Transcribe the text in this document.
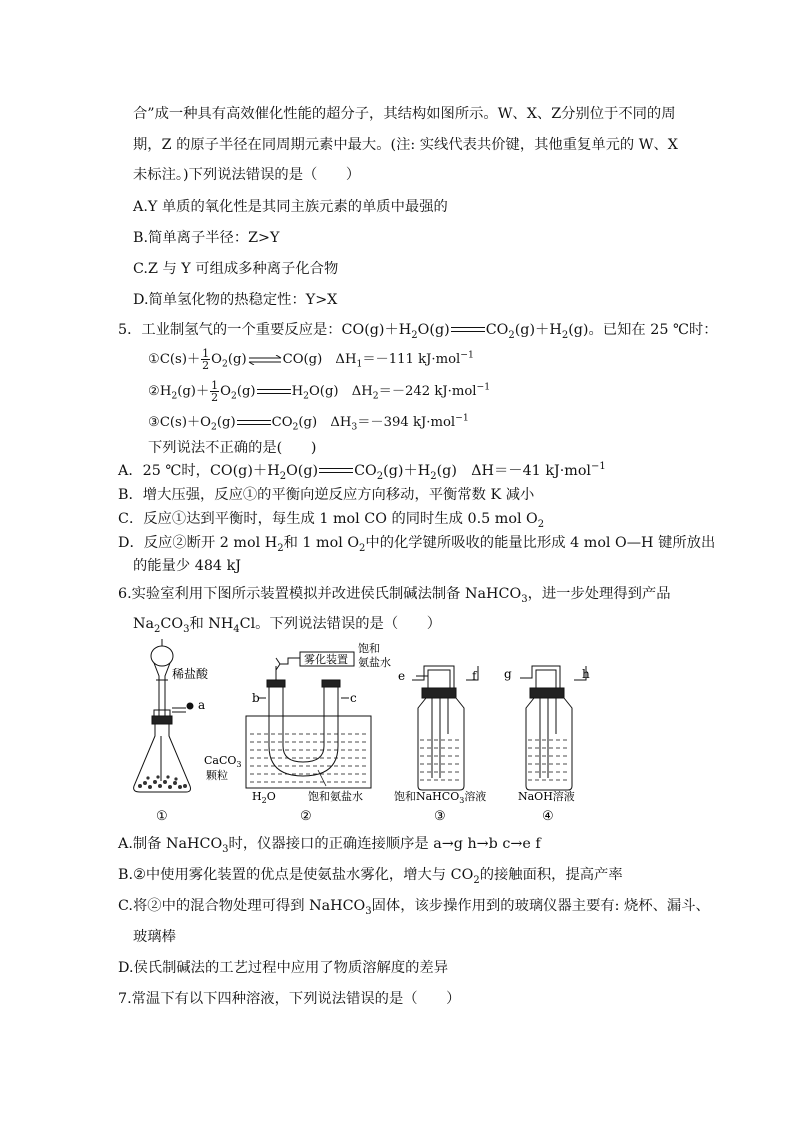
合”成一种具有高效催化性能的超分子，其结构如图所示。W、X、Z分别位于不同的周
期，Z 的原子半径在同周期元素中最大。(注: 实线代表共价键，其他重复单元的 W、X
未标注。)下列说法错误的是（　　）
A.Y 单质的氧化性是其同主族元素的单质中最强的
B.简单离子半径：Z>Y
C.Z 与 Y 可组成多种离子化合物
D.简单氢化物的热稳定性：Y>X
5．工业制氢气的一个重要反应是：$CO(g)+H_2O(g)$	$CO_2(g)+H_2(g)$。已知在 25 ℃时：
①C(s)＋ $\frac{1}{2}$ $O_2(g)\rightleftharpoons CO(g)$　$\Delta H_1=-111$ kJ·mol$^{-1}$
$②H_2(g)+ \frac{1}{2} O_2(g)$	$H_2O(g)$　$\Delta H_2=-242$ kJ·mol$^{-1}$
$③C(s)+O_2(g)$	$CO_2(g)$　$\Delta H_3=-394$ kJ·mol$^{-1}$
下列说法不正确的是(　　)
A．25 ℃时，$CO(g)+H_2O(g)$	$CO_2(g)+H_2(g)$　ΔH＝－41 kJ·mol$^{-1}$
B．增大压强，反应①的平衡向逆反应方向移动，平衡常数 K 减小
C．反应①达到平衡时，每生成 1 mol CO 的同时生成 0.5 mol $O_2$
D．反应②断开 2 mol $H_2$和 1 mol $O_2$中的化学键所吸收的能量比形成 4 mol O—H 键所放出
的能量少 484 kJ
6.实验室利用下图所示装置模拟并改进侯氏制碱法制备 NaHCO$_3$，进一步处理得到产品
$Na_2CO_3$和 $NH_4Cl$。下列说法错误的是（　　）
稀盐酸
a
CaCO$_3$
颗粒
①
雾化装置
饱和
氨盐水
b	c
$H_2O$	饱和氨盐水
②
e	f
饱和NaHCO$_3$溶液
③
g	h
NaOH溶液
④
A.制备 NaHCO$_3$时，仪器接口的正确连接顺序是 a→g h→b c→e f
B.②中使用雾化装置的优点是使氨盐水雾化，增大与 $CO_2$的接触面积，提高产率
C.将②中的混合物处理可得到 NaHCO$_3$固体，该步操作用到的玻璃仪器主要有: 烧杯、漏斗、
玻璃棒
D.侯氏制碱法的工艺过程中应用了物质溶解度的差异
7.常温下有以下四种溶液，下列说法错误的是（　　）
